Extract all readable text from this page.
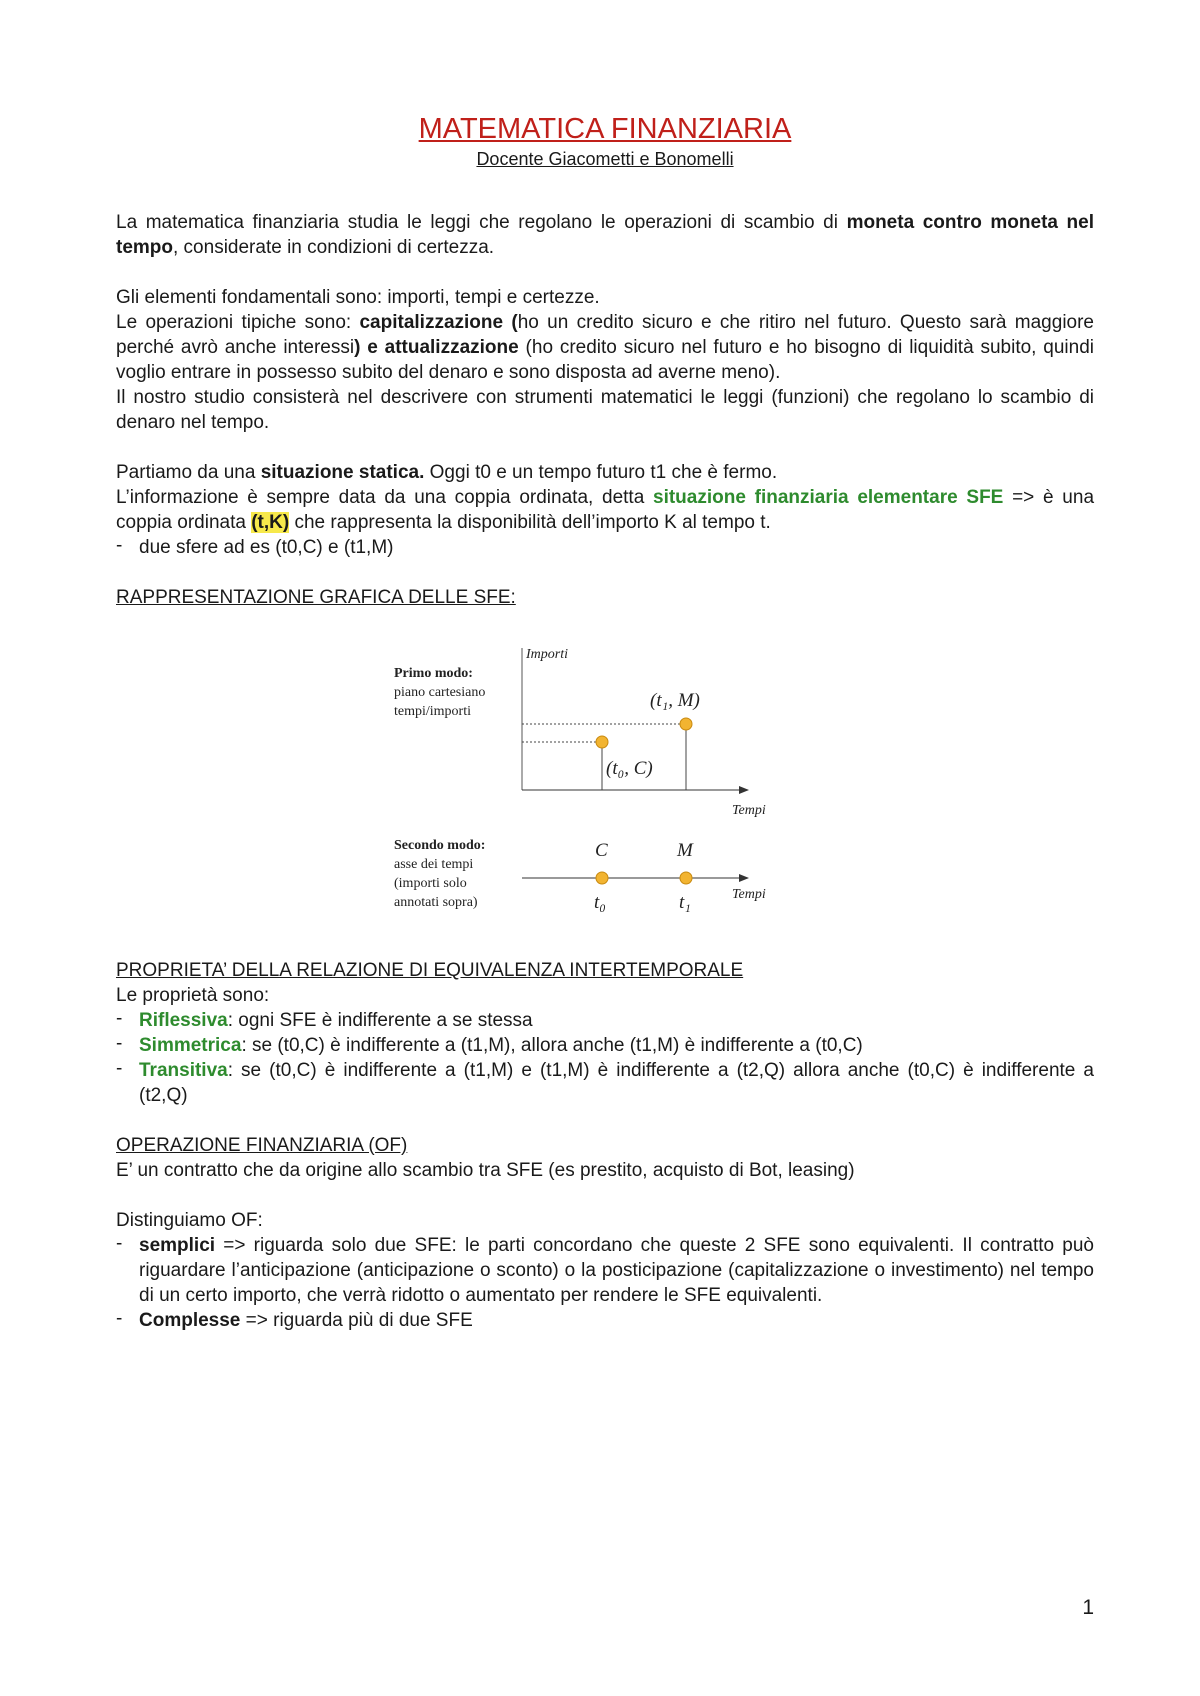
MATEMATICA FINANZIARIA

Docente Giacometti e Bonomelli

La matematica finanziaria studia le leggi che regolano le operazioni di scambio di moneta contro moneta nel tempo, considerate in condizioni di certezza.

Gli elementi fondamentali sono: importi, tempi e certezze.

Le operazioni tipiche sono: capitalizzazione (ho un credito sicuro e che ritiro nel futuro. Questo sarà maggiore perché avrò anche interessi) e attualizzazione (ho credito sicuro nel futuro e ho bisogno di liquidità subito, quindi voglio entrare in possesso subito del denaro e sono disposta ad averne meno).

Il nostro studio consisterà nel descrivere con strumenti matematici le leggi (funzioni) che regolano lo scambio di denaro nel tempo.

Partiamo da una situazione statica. Oggi t0 e un tempo futuro t1 che è fermo.

L’informazione è sempre data da una coppia ordinata, detta situazione finanziaria elementare SFE => è una coppia ordinata (t,K) che rappresenta la disponibilità dell’importo K al tempo t.

- due sfere ad es (t0,C) e (t1,M)

RAPPRESENTAZIONE GRAFICA DELLE SFE:

Importi
Tempi
Primo modo:
piano cartesiano
tempi/importi
(t₁, M)
(t₀, C)
Secondo modo:
asse dei tempi
(importi solo
annotati sopra)
C	M
t₀	t₁	Tempi

PROPRIETA’ DELLA RELAZIONE DI EQUIVALENZA INTERTEMPORALE

Le proprietà sono:

- Riflessiva: ogni SFE è indifferente a se stessa
- Simmetrica: se (t0,C) è indifferente a (t1,M), allora anche (t1,M) è indifferente a (t0,C)
- Transitiva: se (t0,C) è indifferente a (t1,M) e (t1,M) è indifferente a (t2,Q) allora anche (t0,C) è indifferente a (t2,Q)

OPERAZIONE FINANZIARIA (OF)

E’ un contratto che da origine allo scambio tra SFE (es prestito, acquisto di Bot, leasing)

Distinguiamo OF:

- semplici => riguarda solo due SFE: le parti concordano che queste 2 SFE sono equivalenti. Il contratto può riguardare l’anticipazione (anticipazione o sconto) o la posticipazione (capitalizzazione o investimento) nel tempo di un certo importo, che verrà ridotto o aumentato per rendere le SFE equivalenti.
- Complesse => riguarda più di due SFE
1
